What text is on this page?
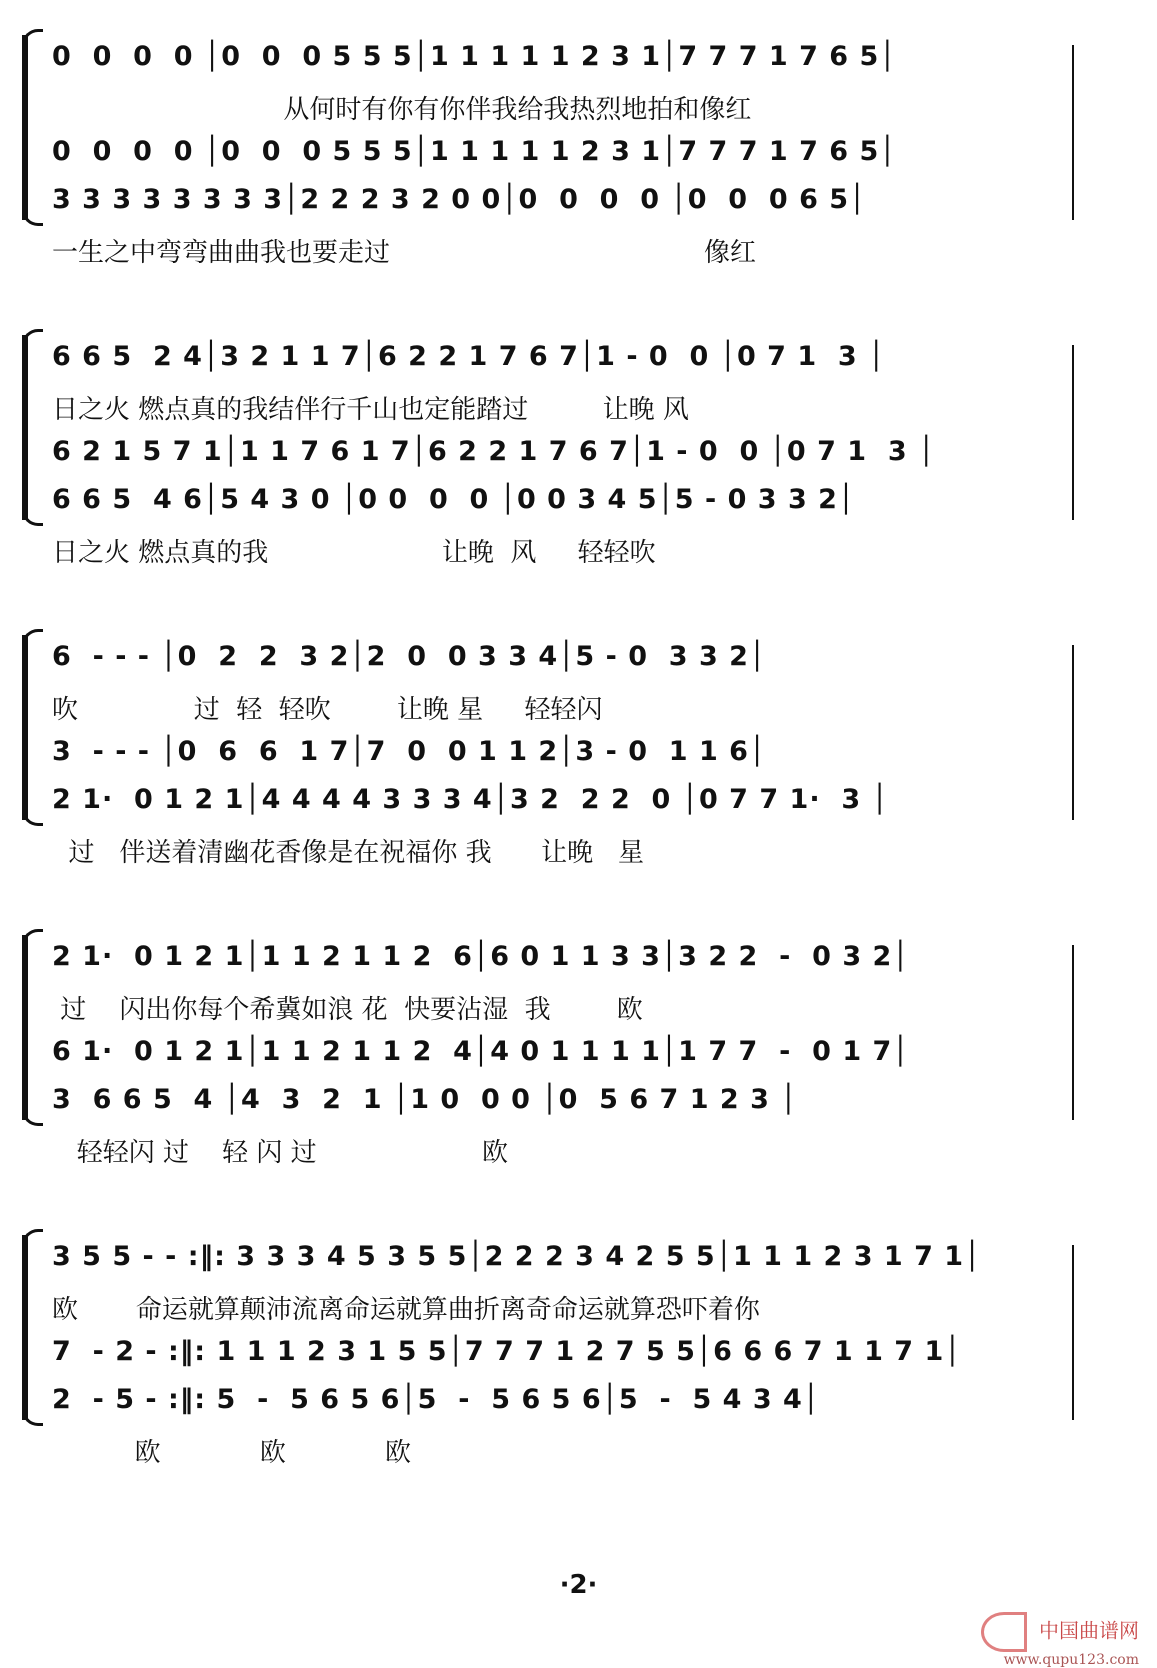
0  0  0  0 │0  0  0 5 5 5│1 1 1 1 1 2 3 1│7 7 7 1 7 6 5│
从何时有你有你伴我给我热烈地拍和像红
0  0  0  0 │0  0  0 5 5 5│1 1 1 1 1 2 3 1│7 7 7 1 7 6 5│
3 3 3 3 3 3 3 3│2 2 2 3 2 0 0│0  0  0  0 │0  0  0 6 5│
一生之中弯弯曲曲我也要走过                                      像红
6 6 5  2 4│3 2 1 1 7│6 2 2 1 7 6 7│1 - 0  0 │0 7 1  3 │
日之火 燃点真的我结伴行千山也定能踏过         让晚 风
6 2 1 5 7 1│1 1 7 6 1 7│6 2 2 1 7 6 7│1 - 0  0 │0 7 1  3 │
6 6 5  4 6│5 4 3 0 │0 0  0  0 │0 0 3 4 5│5 - 0 3 3 2│
日之火 燃点真的我                     让晚  风     轻轻吹
6  - - - │0  2  2  3 2│2  0  0 3 3 4│5 - 0  3 3 2│
吹              过  轻  轻吹        让晚 星     轻轻闪
3  - - - │0  6  6  1 7│7  0  0 1 1 2│3 - 0  1 1 6│
2 1·  0 1 2 1│4 4 4 4 3 3 3 4│3 2  2 2  0 │0 7 7 1·  3 │
过   伴送着清幽花香像是在祝福你 我      让晚   星
2 1·  0 1 2 1│1 1 2 1 1 2  6│6 0 1 1 3 3│3 2 2  -  0 3 2│
过    闪出你每个希冀如浪 花  快要沾湿  我        欧
6 1·  0 1 2 1│1 1 2 1 1 2  4│4 0 1 1 1 1│1 7 7  -  0 1 7│
3  6 6 5  4 │4  3  2  1 │1 0  0 0 │0  5 6 7 1 2 3 │
轻轻闪 过    轻 闪 过                    欧
3 5 5 - - :‖: 3 3 3 4 5 3 5 5│2 2 2 3 4 2 5 5│1 1 1 2 3 1 7 1│
欧       命运就算颠沛流离命运就算曲折离奇命运就算恐吓着你
7  - 2 - :‖: 1 1 1 2 3 1 5 5│7 7 7 1 2 7 5 5│6 6 6 7 1 1 7 1│
2  - 5 - :‖: 5  -  5 6 5 6│5  -  5 6 5 6│5  -  5 4 3 4│
欧            欧            欧
·2·
中国曲谱网
www.qupu123.com
